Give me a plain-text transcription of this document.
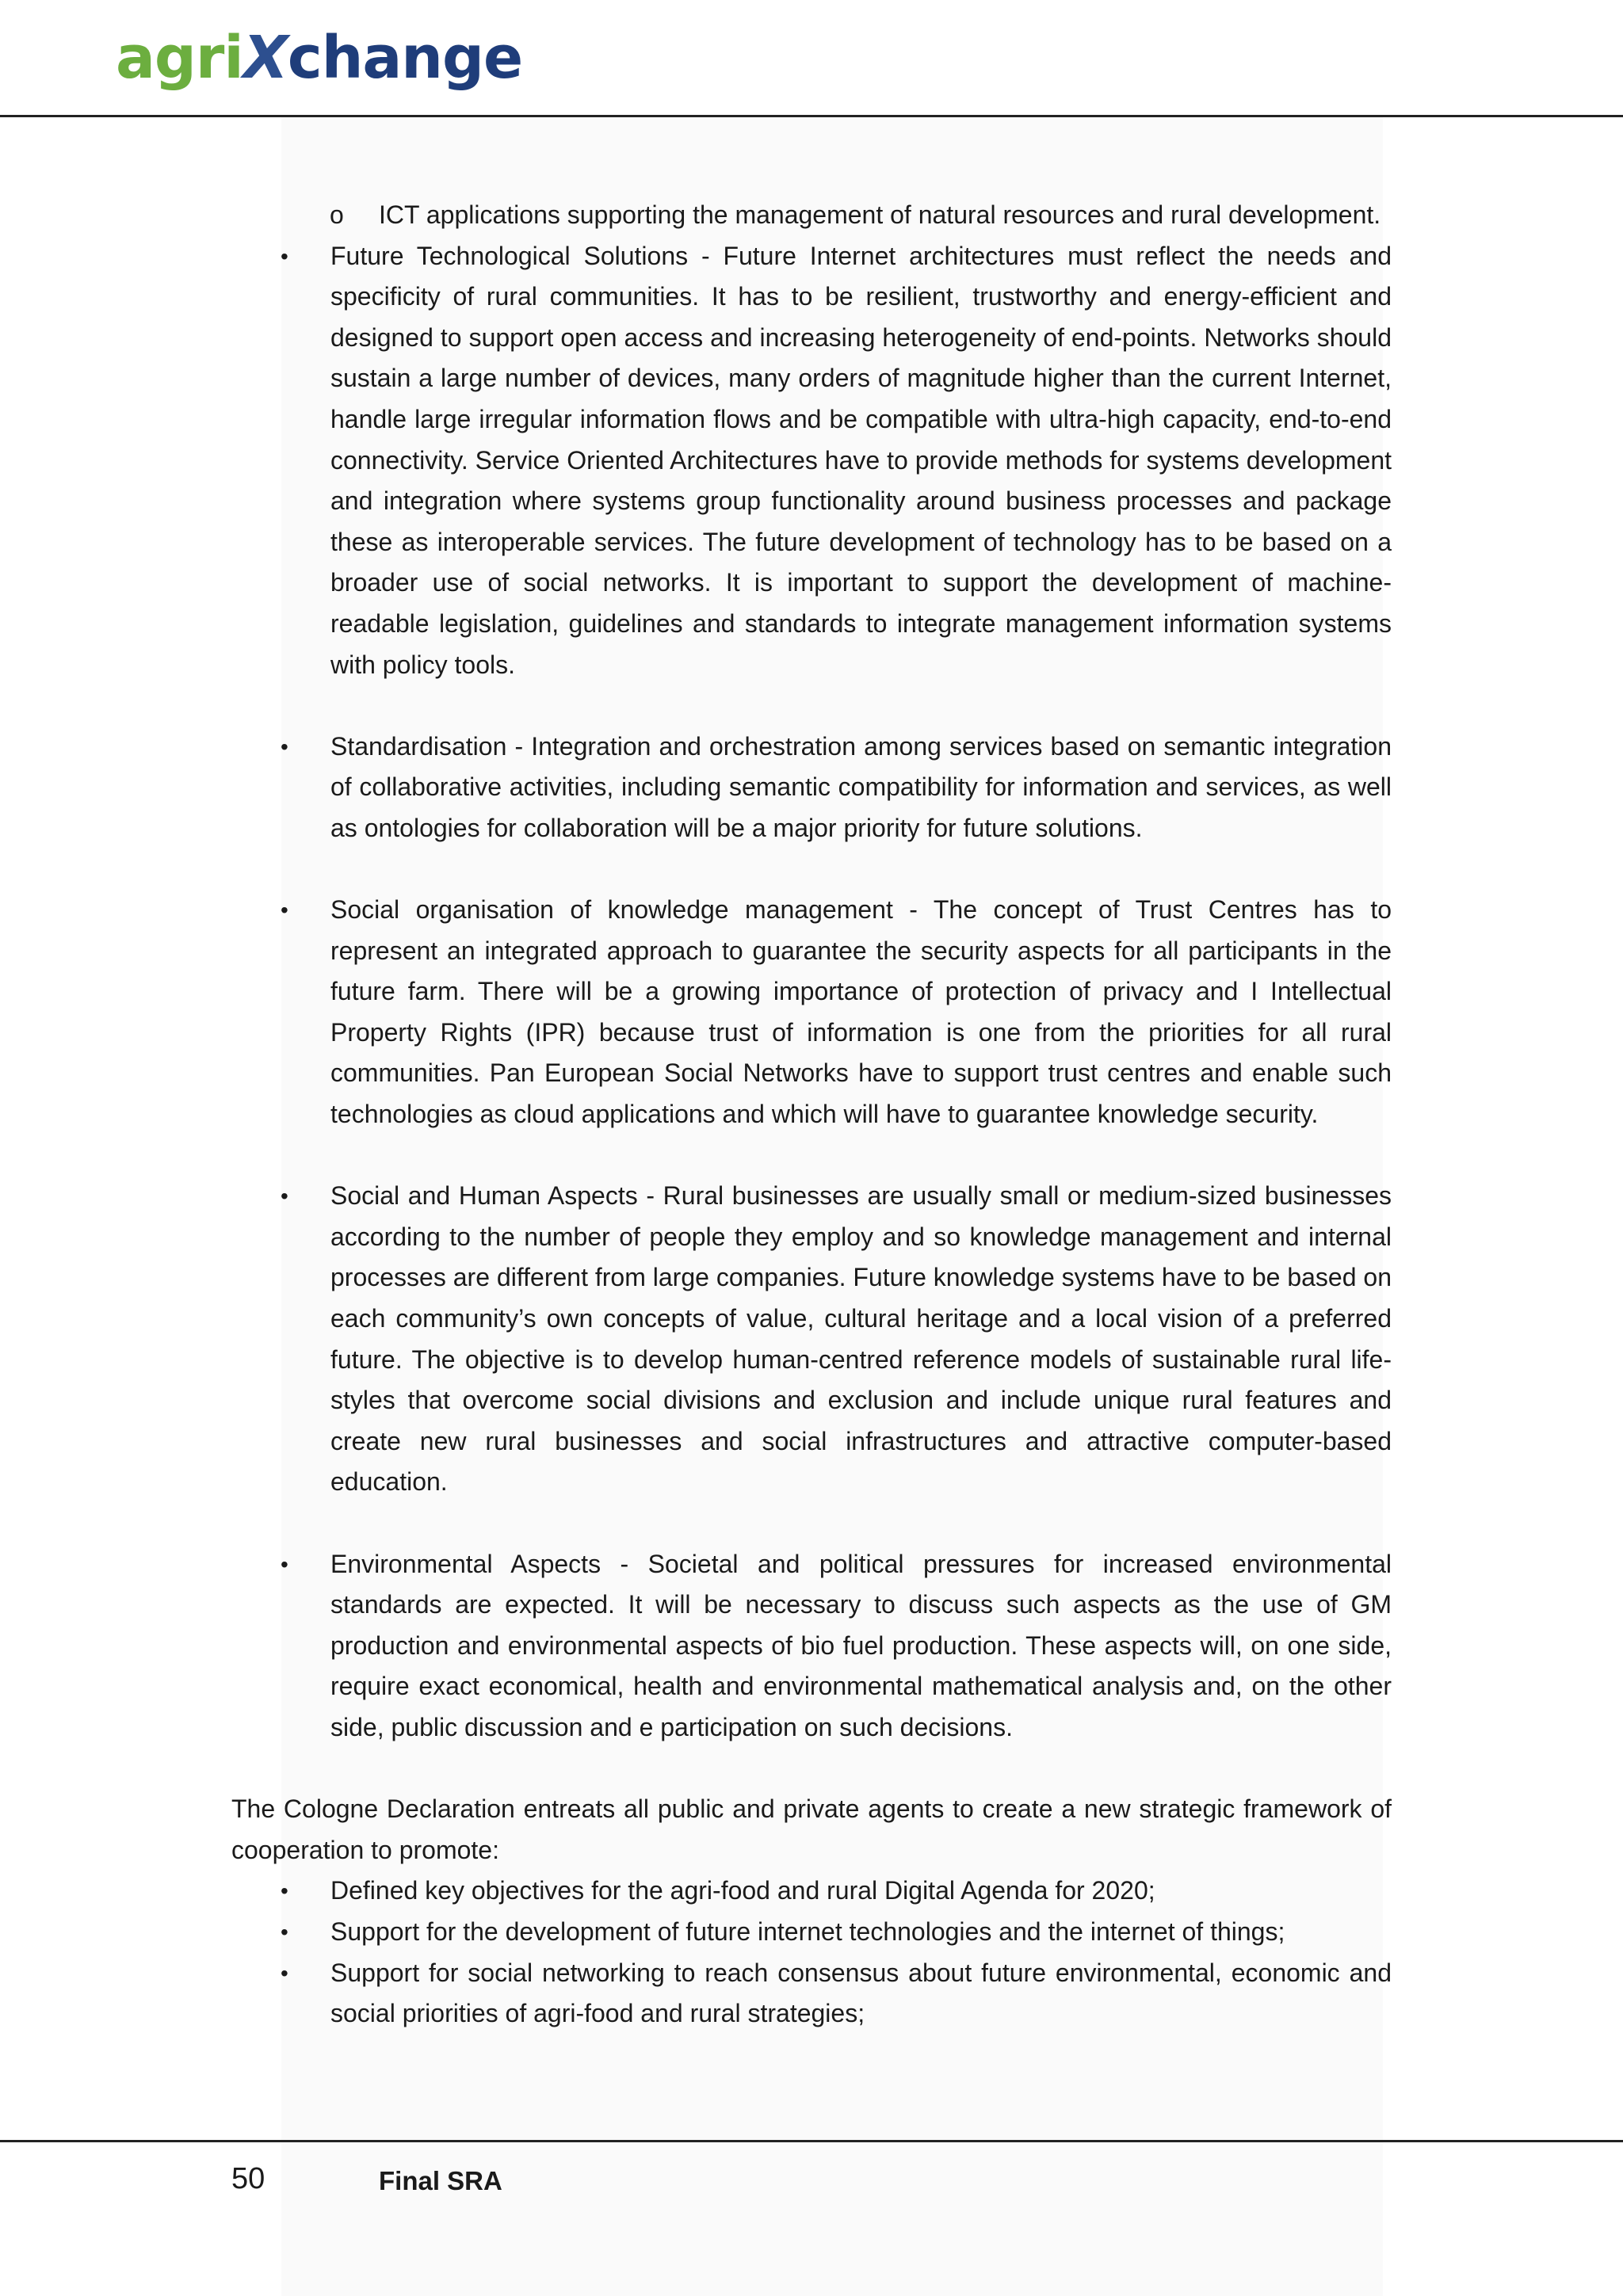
agriXchange
o ICT applications supporting the management of natural resources and rural development.
• Future Technological Solutions - Future Internet architectures must reflect the needs and specificity of rural communities. It has to be resilient, trustworthy and energy-efficient and designed to support open access and increasing heterogeneity of end-points. Networks should sustain a large number of devices, many orders of magnitude higher than the current Internet, handle large irregular information flows and be compatible with ultra-high capacity, end-to-end connectivity. Service Oriented Architectures have to provide methods for systems development and integration where systems group functionality around business processes and package these as interoperable services. The future development of technology has to be based on a broader use of social networks. It is important to support the development of machine-readable legislation, guidelines and standards to integrate management information systems with policy tools.
• Standardisation - Integration and orchestration among services based on semantic integration of collaborative activities, including semantic compatibility for information and services, as well as ontologies for collaboration will be a major priority for future solutions.
• Social organisation of knowledge management - The concept of Trust Centres has to represent an integrated approach to guarantee the security aspects for all participants in the future farm. There will be a growing importance of protection of privacy and I Intellectual Property Rights (IPR) because trust of information is one from the priorities for all rural communities. Pan European Social Networks have to support trust centres and enable such technologies as cloud applications and which will have to guarantee knowledge security.
• Social and Human Aspects - Rural businesses are usually small or medium-sized businesses according to the number of people they employ and so knowledge management and internal processes are different from large companies. Future knowledge systems have to be based on each community’s own concepts of value, cultural heritage and a local vision of a preferred future. The objective is to develop human-centred reference models of sustainable rural life-styles that overcome social divisions and exclusion and include unique rural features and create new rural businesses and social infrastructures and attractive computer-based education.
• Environmental Aspects - Societal and political pressures for increased environmental standards are expected. It will be necessary to discuss such aspects as the use of GM production and environmental aspects of bio fuel production. These aspects will, on one side, require exact economical, health and environmental mathematical analysis and, on the other side, public discussion and e participation on such decisions.
The Cologne Declaration entreats all public and private agents to create a new strategic framework of cooperation to promote:
• Defined key objectives for the agri-food and rural Digital Agenda for 2020;
• Support for the development of future internet technologies and the internet of things;
• Support for social networking to reach consensus about future environmental, economic and social priorities of agri-food and rural strategies;
50	Final SRA
